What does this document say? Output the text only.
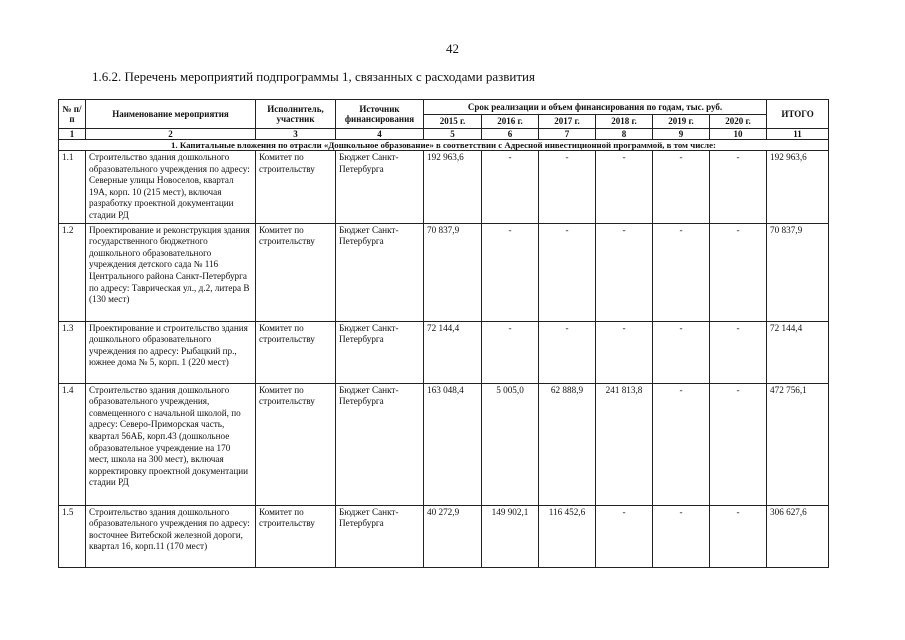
42
1.6.2. Перечень мероприятий подпрограммы 1, связанных с расходами развития
№ п/п	Наименование мероприятия	Исполнитель, участник	Источник финансирования	Срок реализации и объем финансирования по годам, тыс. руб.						ИТОГО
				2015 г.	2016 г.	2017 г.	2018 г.	2019 г.	2020 г.	
1	2	3	4	5	6	7	8	9	10	11
1. Капитальные вложения по отрасли «Дошкольное образование» в соответствии с Адресной инвестиционной программой, в том числе:										
1.1	Строительство здания дошкольного образовательного учреждения по адресу: Северные улицы Новоселов, квартал 19А, корп. 10 (215 мест), включая разработку проектной документации стадии РД	Комитет по строительству	Бюджет Санкт-Петербурга	192 963,6	-	-	-	-	-	192 963,6
1.2	Проектирование и реконструкция здания государственного бюджетного дошкольного образовательного учреждения детского сада № 116 Центрального района Санкт-Петербурга по адресу: Таврическая ул., д.2, литера В (130 мест)	Комитет по строительству	Бюджет Санкт-Петербурга	70 837,9	-	-	-	-	-	70 837,9
1.3	Проектирование и строительство здания дошкольного образовательного учреждения по адресу: Рыбацкий пр., южнее дома № 5, корп. 1 (220 мест)	Комитет по строительству	Бюджет Санкт-Петербурга	72 144,4	-	-	-	-	-	72 144,4
1.4	Строительство здания дошкольного образовательного учреждения, совмещенного с начальной школой, по адресу: Северо-Приморская часть, квартал 56АБ, корп.43 (дошкольное образовательное учреждение на 170 мест, школа на 300 мест), включая корректировку проектной документации стадии РД	Комитет по строительству	Бюджет Санкт-Петербурга	163 048,4	5 005,0	62 888,9	241 813,8	-	-	472 756,1
1.5	Строительство здания дошкольного образовательного учреждения по адресу: восточнее Витебской железной дороги, квартал 16, корп.11 (170 мест)	Комитет по строительству	Бюджет Санкт-Петербурга	40 272,9	149 902,1	116 452,6	-	-	-	306 627,6
